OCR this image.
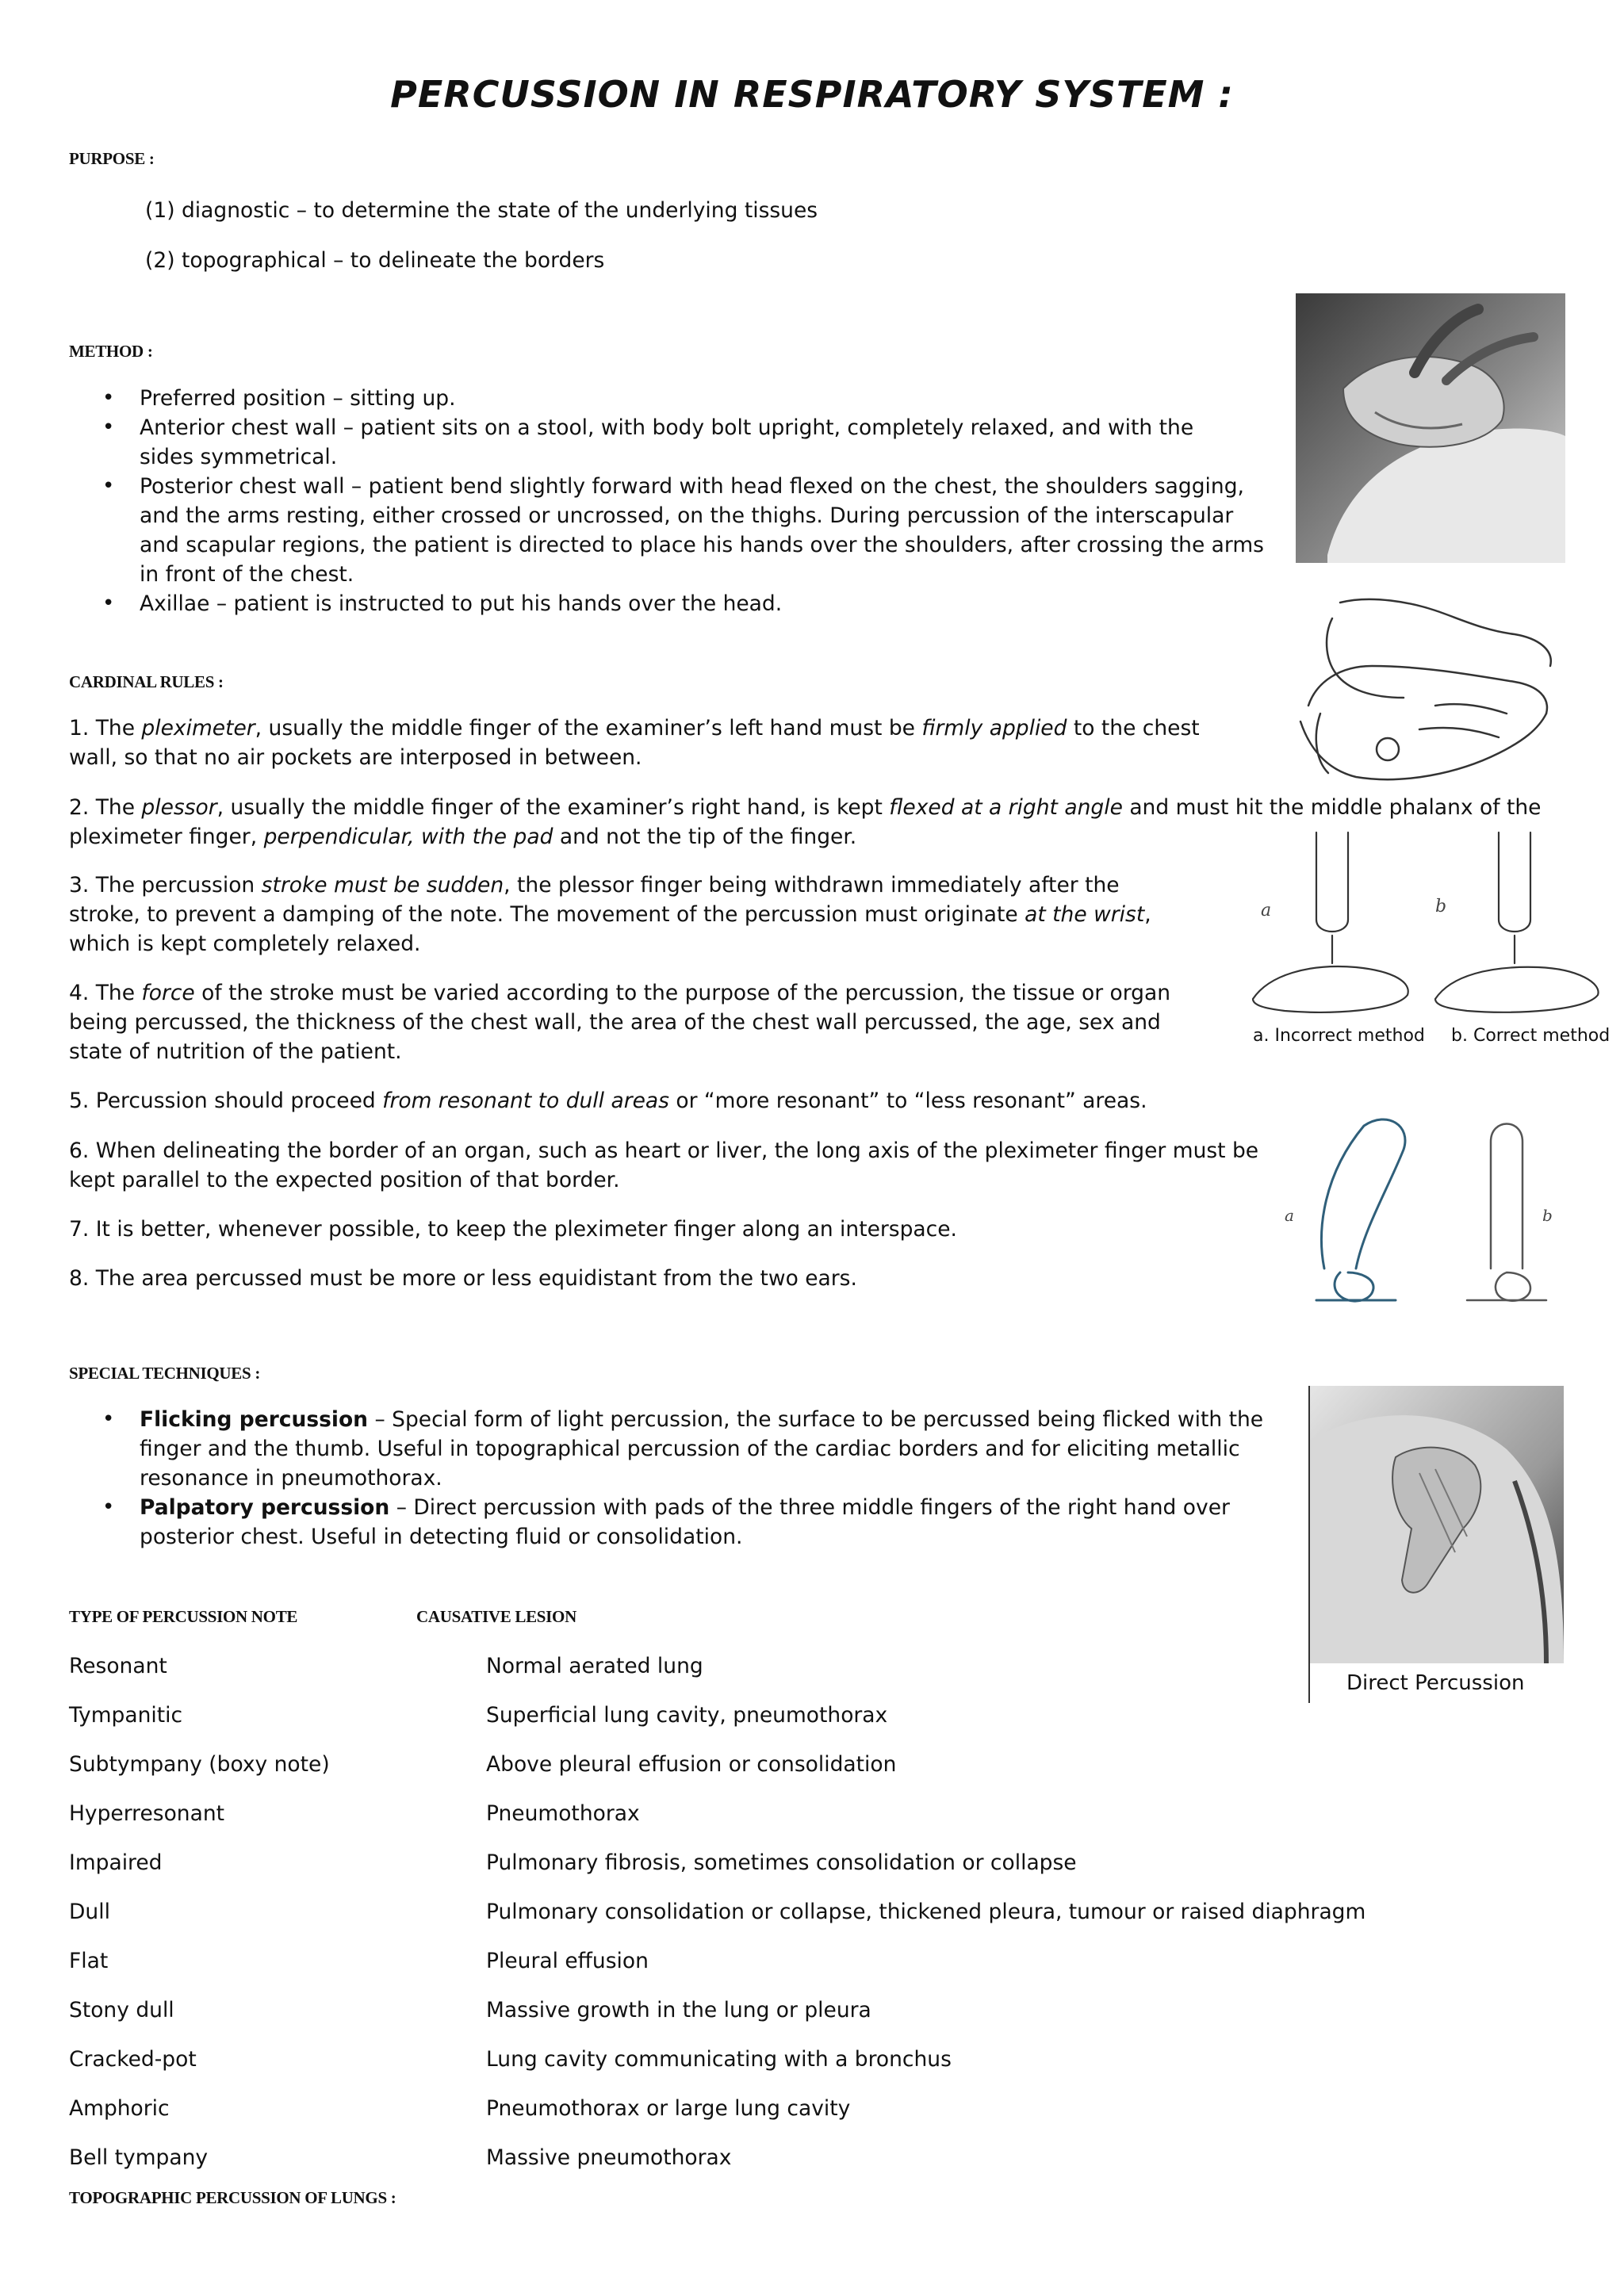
PERCUSSION IN RESPIRATORY SYSTEM :
PURPOSE :
(1) diagnostic – to determine the state of the underlying tissues
(2) topographical – to delineate the borders
METHOD :
• Preferred position – sitting up.
• Anterior chest wall – patient sits on a stool, with body bolt upright, completely relaxed, and with the sides symmetrical.
• Posterior chest wall – patient bend slightly forward with head flexed on the chest, the shoulders sagging, and the arms resting, either crossed or uncrossed, on the thighs. During percussion of the interscapular and scapular regions, the patient is directed to place his hands over the shoulders, after crossing the arms in front of the chest.
• Axillae – patient is instructed to put his hands over the head.
CARDINAL RULES :
1. The pleximeter, usually the middle finger of the examiner’s left hand must be firmly applied to the chest wall, so that no air pockets are interposed in between.
2. The plessor, usually the middle finger of the examiner’s right hand, is kept flexed at a right angle and must hit the middle phalanx of the pleximeter finger, perpendicular, with the pad and not the tip of the finger.
3. The percussion stroke must be sudden, the plessor finger being withdrawn immediately after the stroke, to prevent a damping of the note. The movement of the percussion must originate at the wrist, which is kept completely relaxed.
4. The force of the stroke must be varied according to the purpose of the percussion, the tissue or organ being percussed, the thickness of the chest wall, the area of the chest wall percussed, the age, sex and state of nutrition of the patient.
5. Percussion should proceed from resonant to dull areas or “more resonant” to “less resonant” areas.
6. When delineating the border of an organ, such as heart or liver, the long axis of the pleximeter finger must be kept parallel to the expected position of that border.
7. It is better, whenever possible, to keep the pleximeter finger along an interspace.
8. The area percussed must be more or less equidistant from the two ears.
SPECIAL TECHNIQUES :
• Flicking percussion – Special form of light percussion, the surface to be percussed being flicked with the finger and the thumb. Useful in topographical percussion of the cardiac borders and for eliciting metallic resonance in pneumothorax.
• Palpatory percussion – Direct percussion with pads of the three middle fingers of the right hand over posterior chest. Useful in detecting fluid or consolidation.
TYPE OF PERCUSSION NOTE	CAUSATIVE LESION
Resonant	Normal aerated lung
Tympanitic	Superficial lung cavity, pneumothorax
Subtympany (boxy note)	Above pleural effusion or consolidation
Hyperresonant	Pneumothorax
Impaired	Pulmonary fibrosis, sometimes consolidation or collapse
Dull	Pulmonary consolidation or collapse, thickened pleura, tumour or raised diaphragm
Flat	Pleural effusion
Stony dull	Massive growth in the lung or pleura
Cracked-pot	Lung cavity communicating with a bronchus
Amphoric	Pneumothorax or large lung cavity
Bell tympany	Massive pneumothorax
TOPOGRAPHIC PERCUSSION OF LUNGS :
a	b
a. Incorrect method b. Correct method
a	b
Direct Percussion
